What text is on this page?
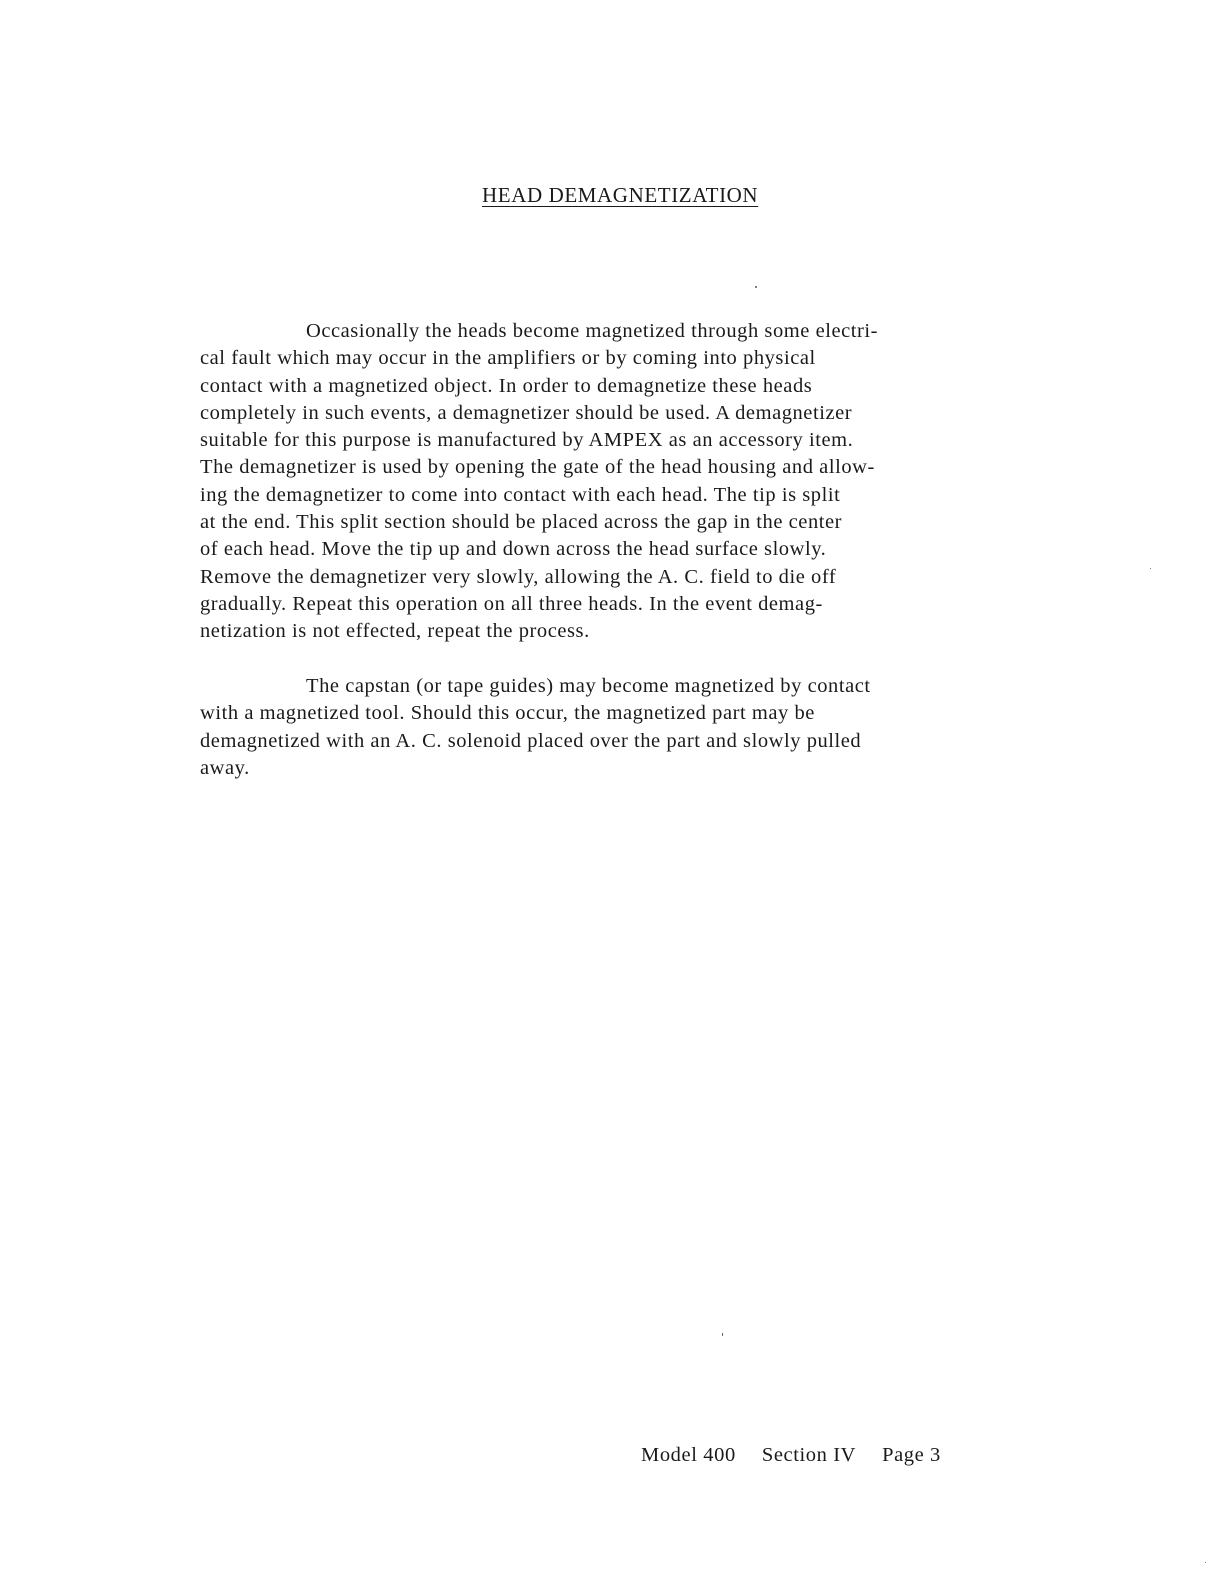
HEAD DEMAGNETIZATION
Occasionally the heads become magnetized through some electri-
cal fault which may occur in the amplifiers or by coming into physical
contact with a magnetized object. In order to demagnetize these heads
completely in such events, a demagnetizer should be used. A demagnetizer
suitable for this purpose is manufactured by AMPEX as an accessory item.
The demagnetizer is used by opening the gate of the head housing and allow-
ing the demagnetizer to come into contact with each head. The tip is split
at the end. This split section should be placed across the gap in the center
of each head. Move the tip up and down across the head surface slowly.
Remove the demagnetizer very slowly, allowing the A. C. field to die off
gradually. Repeat this operation on all three heads. In the event demag-
netization is not effected, repeat the process.
The capstan (or tape guides) may become magnetized by contact
with a magnetized tool. Should this occur, the magnetized part may be
demagnetized with an A. C. solenoid placed over the part and slowly pulled
away.
Model 400 Section IV Page 3
